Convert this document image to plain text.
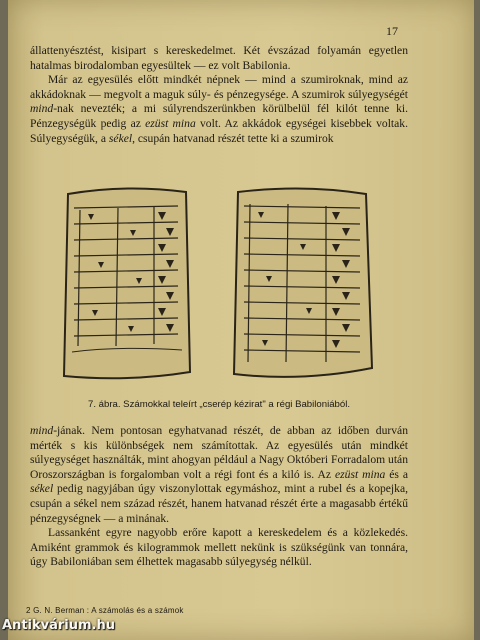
17

állattenyésztést, kisipart s kereskedelmet. Két évszázad folyamán egyetlen hatalmas birodalomban egyesültek — ez volt Babilonia.

Már az egyesülés előtt mindkét népnek — mind a szumiroknak, mind az akkádoknak — megvolt a maguk súly- és pénzegysége. A szumirok súlyegységét mind-nak nevezték; a mi súlyrendszerünkben körülbelül fél kilót tenne ki. Pénzegységük pedig az ezüst mina volt. Az akkádok egységei kisebbek voltak. Súlyegységük, a sékel, csupán hatvanad részét tette ki a szumirok

7. ábra. Számokkal teleírt „cserép kézirat" a régi Babiloniából.

mind-jának. Nem pontosan egyhatvanad részét, de abban az időben durván mérték s kis különbségek nem számítottak. Az egyesülés után mindkét súlyegységet használták, mint ahogyan például a Nagy Októberi Forradalom után Oroszországban is forgalomban volt a régi font és a kiló is. Az ezüst mina és a sékel pedig nagyjában úgy viszonylottak egymáshoz, mint a rubel és a kopejka, csupán a sékel nem század részét, hanem hatvanad részét érte a magasabb értékű pénzegységnek — a minának.

Lassanként egyre nagyobb erőre kapott a kereskedelem és a közlekedés. Amiként grammok és kilogrammok mellett nekünk is szükségünk van tonnára, úgy Babiloniában sem élhettek magasabb súlyegység nélkül.

2 G. N. Berman : A számolás és a számok
Antikvárium.hu
